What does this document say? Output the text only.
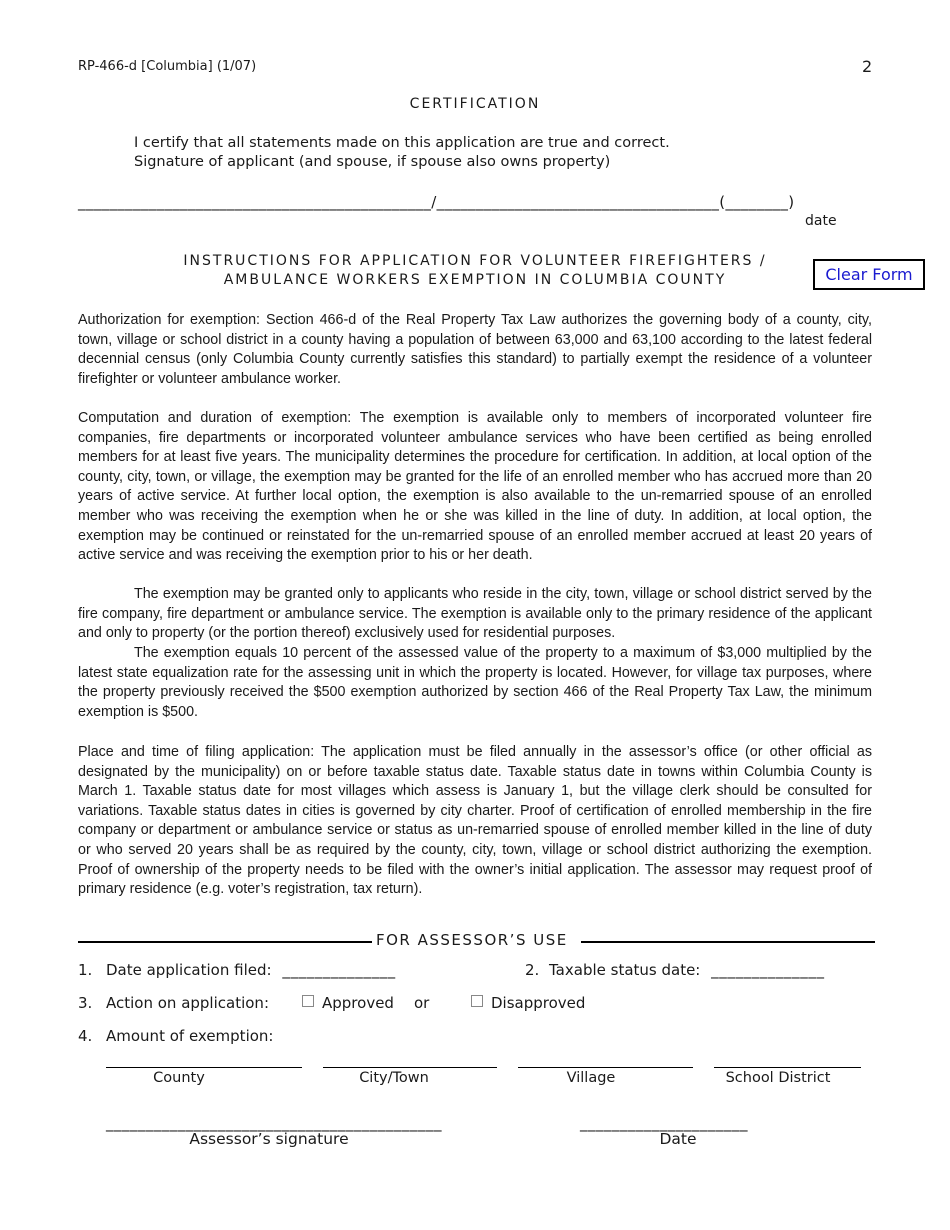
RP-466-d [Columbia] (1/07)	2
CERTIFICATION
I certify that all statements made on this application are true and correct.
Signature of applicant (and spouse, if spouse also owns property)
_____________________________________________/____________________________________(________)
date
INSTRUCTIONS FOR APPLICATION FOR VOLUNTEER FIREFIGHTERS /
AMBULANCE WORKERS EXEMPTION IN COLUMBIA COUNTY	Clear Form

Authorization for exemption: Section 466-d of the Real Property Tax Law authorizes the governing body of a county, city, town, village or school district in a county having a population of between 63,000 and 63,100 according to the latest federal decennial census (only Columbia County currently satisfies this standard) to partially exempt the residence of a volunteer firefighter or volunteer ambulance worker.

Computation and duration of exemption: The exemption is available only to members of incorporated volunteer fire companies, fire departments or incorporated volunteer ambulance services who have been certified as being enrolled members for at least five years. The municipality determines the procedure for certification. In addition, at local option of the county, city, town, or village, the exemption may be granted for the life of an enrolled member who has accrued more than 20 years of active service. At further local option, the exemption is also available to the un-remarried spouse of an enrolled member who was receiving the exemption when he or she was killed in the line of duty. In addition, at local option, the exemption may be continued or reinstated for the un-remarried spouse of an enrolled member accrued at least 20 years of active service and was receiving the exemption prior to his or her death.

The exemption may be granted only to applicants who reside in the city, town, village or school district served by the fire company, fire department or ambulance service. The exemption is available only to the primary residence of the applicant and only to property (or the portion thereof) exclusively used for residential purposes.

The exemption equals 10 percent of the assessed value of the property to a maximum of $3,000 multiplied by the latest state equalization rate for the assessing unit in which the property is located. However, for village tax purposes, where the property previously received the $500 exemption authorized by section 466 of the Real Property Tax Law, the minimum exemption is $500.

Place and time of filing application: The application must be filed annually in the assessor’s office (or other official as designated by the municipality) on or before taxable status date. Taxable status date in towns within Columbia County is March 1. Taxable status date for most villages which assess is January 1, but the village clerk should be consulted for variations. Taxable status dates in cities is governed by city charter. Proof of certification of enrolled membership in the fire company or department or ambulance service or status as un-remarried spouse of enrolled member killed in the line of duty or who served 20 years shall be as required by the county, city, town, village or school district authorizing the exemption. Proof of ownership of the property needs to be filed with the owner’s initial application. The assessor may request proof of primary residence (e.g. voter’s registration, tax return).

FOR ASSESSOR’S USE
1. Date application filed: ______________	2. Taxable status date: ______________
3. Action on application:	Approved or	Disapproved
4. Amount of exemption:
County	City/Town	Village	School District
__________________________________________	_____________________
Assessor’s signature	Date
